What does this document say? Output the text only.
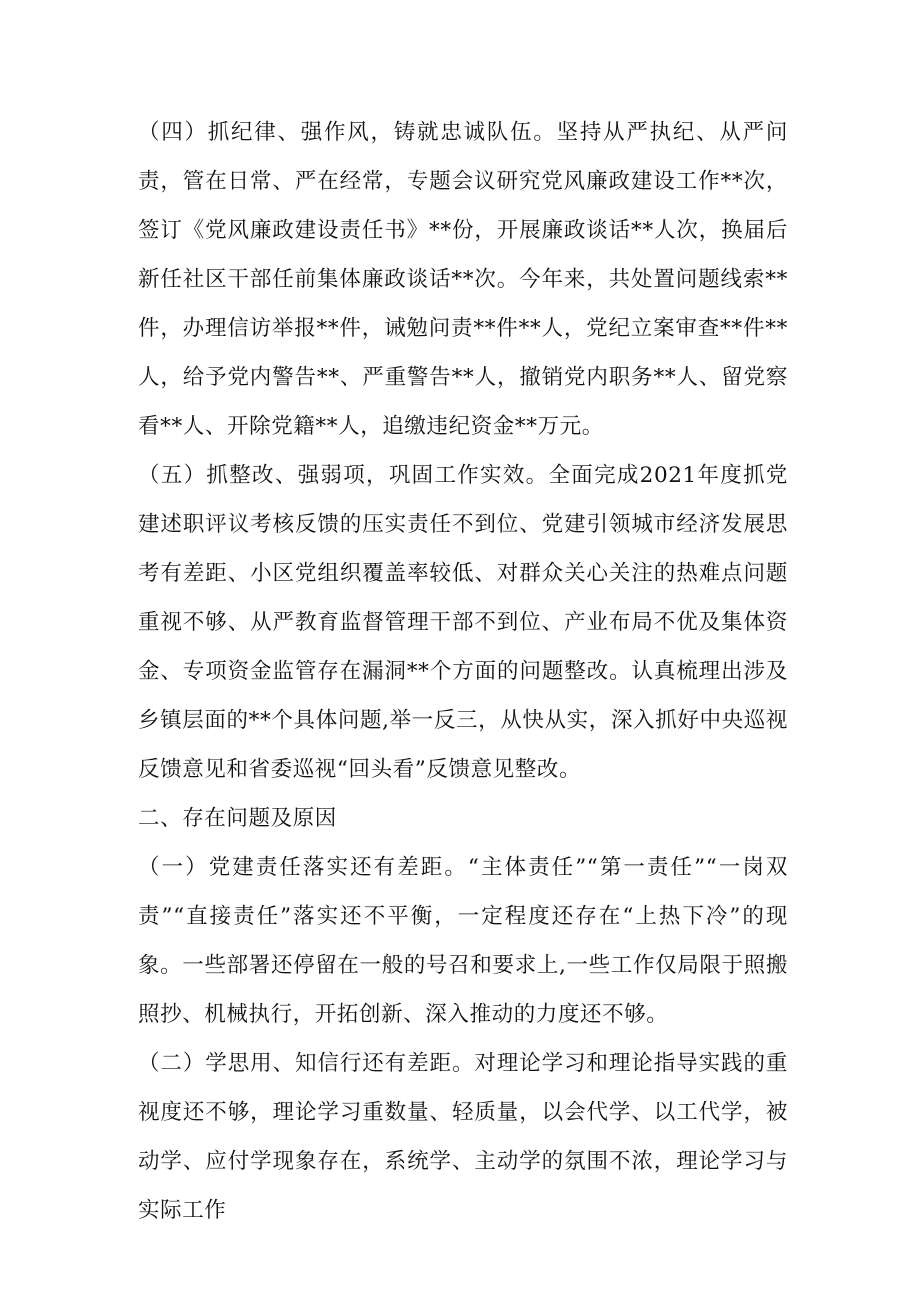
（四）抓纪律、强作风，铸就忠诚队伍。坚持从严执纪、从严问责，管在日常、严在经常，专题会议研究党风廉政建设工作**次，签订《党风廉政建设责任书》**份，开展廉政谈话**人次，换届后新任社区干部任前集体廉政谈话**次。今年来，共处置问题线索**件，办理信访举报**件，诫勉问责**件**人，党纪立案审查**件**人，给予党内警告**、严重警告**人，撤销党内职务**人、留党察看**人、开除党籍**人，追缴违纪资金**万元。

（五）抓整改、强弱项，巩固工作实效。全面完成2021年度抓党建述职评议考核反馈的压实责任不到位、党建引领城市经济发展思考有差距、小区党组织覆盖率较低、对群众关心关注的热难点问题重视不够、从严教育监督管理干部不到位、产业布局不优及集体资金、专项资金监管存在漏洞**个方面的问题整改。认真梳理出涉及乡镇层面的**个具体问题,举一反三，从快从实，深入抓好中央巡视反馈意见和省委巡视“回头看”反馈意见整改。

二、存在问题及原因

（一）党建责任落实还有差距。“主体责任”“第一责任”“一岗双责”“直接责任”落实还不平衡，一定程度还存在“上热下冷”的现象。一些部署还停留在一般的号召和要求上,一些工作仅局限于照搬照抄、机械执行，开拓创新、深入推动的力度还不够。

（二）学思用、知信行还有差距。对理论学习和理论指导实践的重视度还不够，理论学习重数量、轻质量，以会代学、以工代学，被动学、应付学现象存在，系统学、主动学的氛围不浓，理论学习与实际工作
